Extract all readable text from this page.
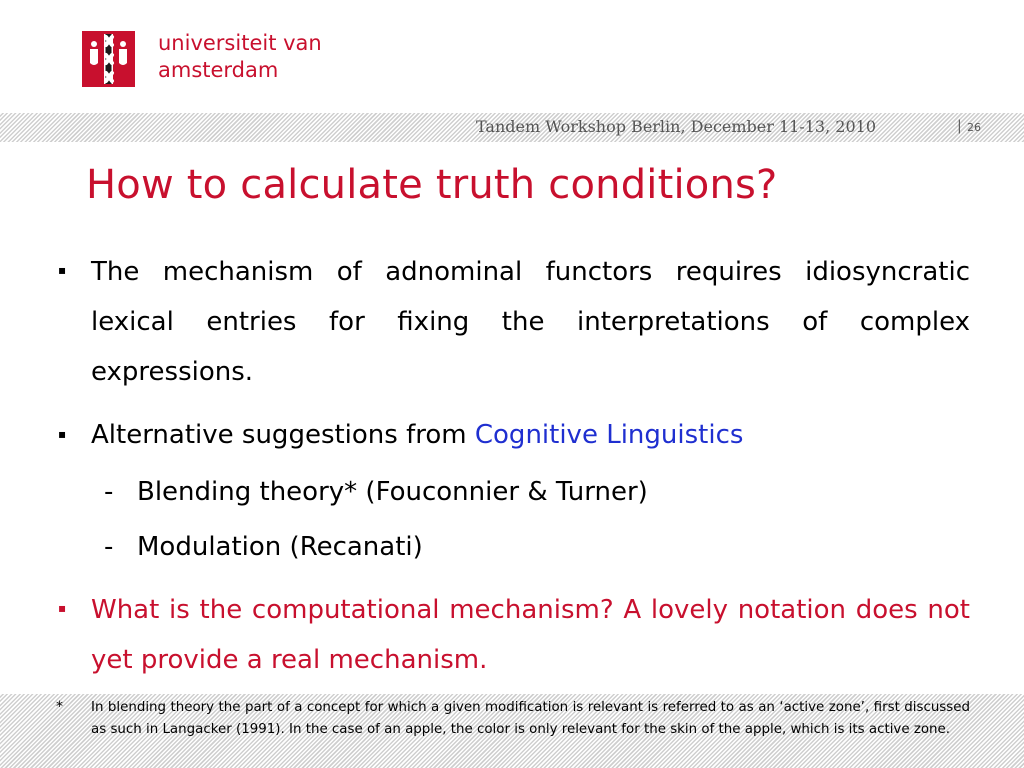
universiteit van
amsterdam
Tandem Workshop Berlin, December 11-13, 2010	| 26
How to calculate truth conditions?
▪ The mechanism of adnominal functors requires idiosyncratic lexical entries for fixing the interpretations of complex expressions.
▪ Alternative suggestions from Cognitive Linguistics
- Blending theory* (Fouconnier & Turner)
- Modulation (Recanati)
▪ What is the computational mechanism? A lovely notation does not yet provide a real mechanism.
* In blending theory the part of a concept for which a given modification is relevant is referred to as an ‘active zone’, first discussed as such in Langacker (1991). In the case of an apple, the color is only relevant for the skin of the apple, which is its active zone.
